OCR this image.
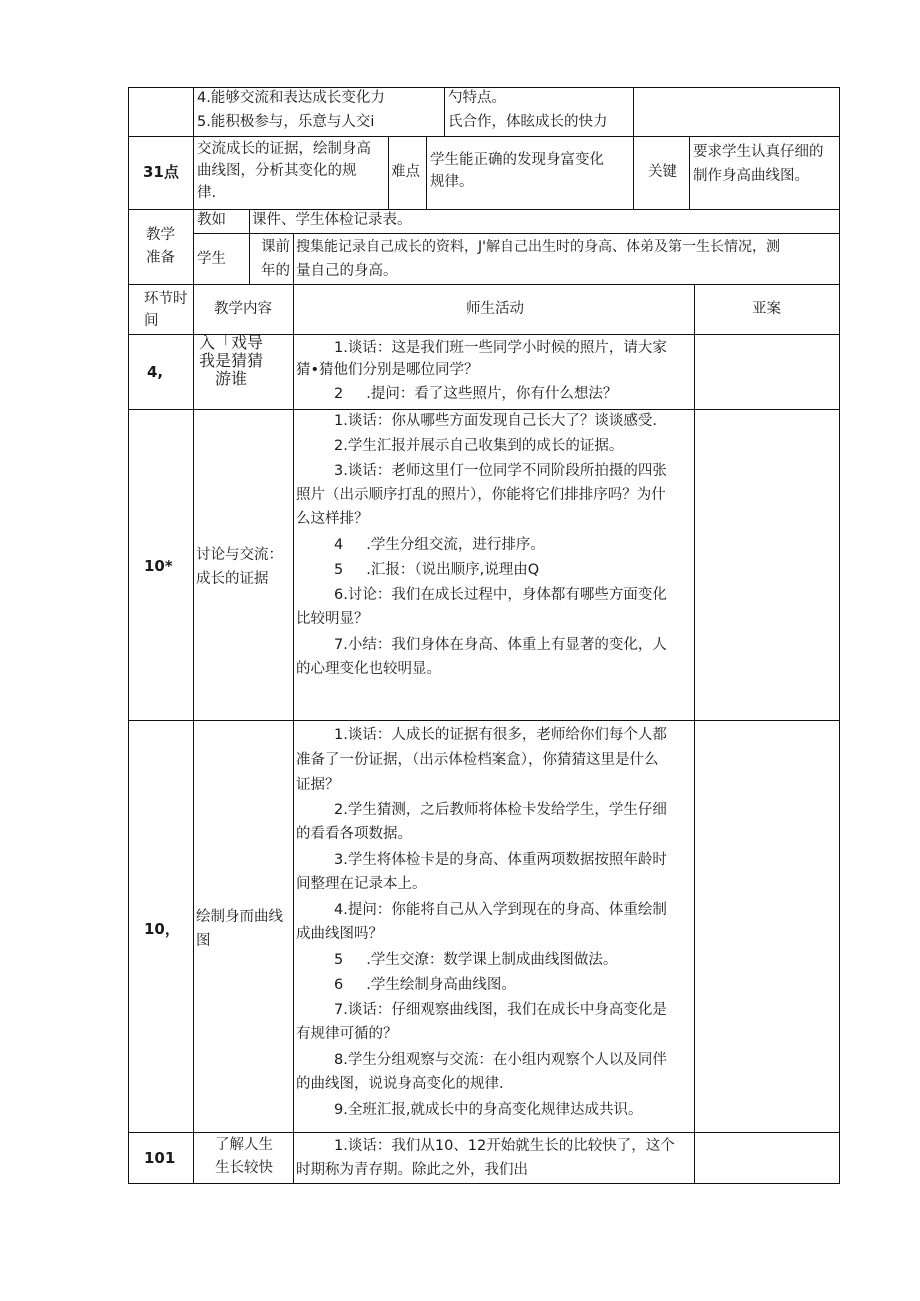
4.能够交流和表达成长变化力
5.能积极参与，乐意与人交i
勺特点。
氏合作，体眩成长的快力
31点
交流成长的证据，绘制身高
曲线图，分析其变化的规
律.
难点
学生能正确的发现身富变化
规律。
关键
要求学生认真仔细的
制作身高曲线图。
教学
准备
教如 课件、学生体检记录表。
学生
课前
年的
搜集能记录自己成长的资料，J'解自己出生时的身高、体弟及第一生长情况，测
量自己的身高。
环节时
间
教学内容	师生活动	亚案
4,
入「戏导
我是猜猜
游谁
1.谈话：这是我们班一些同学小时候的照片，请大家
猜•猜他们分别是哪位同学？
2     .提问：看了这些照片，你有什么想法？
10*
讨论与交流：
成长的证据
1.谈话：你从哪些方面发现自己长大了？谈谈感受.
2.学生汇报并展示自己收集到的成长的证据。
3.谈话：老师这里仃一位同学不同阶段所拍摄的四张
照片（出示顺序打乱的照片），你能将它们排排序吗？为什
么这样排？
4     .学生分组交流，进行排序。
5     .汇报：（说出顺序,说理由Q
6.讨论：我们在成长过程中，身体都有哪些方面变化
比较明显？
7.小结：我们身体在身高、体重上有显著的变化，人
的心理变化也较明显。
10，
绘制身而曲线
图
1.谈话：人成长的证据有很多，老师给你们每个人都
准备了一份证据，（出示体检档案盒），你猜猜这里是什么
证据？
2.学生猜测，之后教师将体检卡发给学生，学生仔细
的看看各项数据。
3.学生将体检卡是的身高、体重两项数据按照年龄时
间整理在记录本上。
4.提问：你能将自己从入学到现在的身高、体重绘制
成曲线图吗？
5     .学生交潦：数学课上制成曲线图做法。
6     .学生绘制身高曲线图。
7.谈话：仔细观察曲线图，我们在成长中身高变化是
有规律可循的？
8.学生分组观察与交流：在小组内观察个人以及同伴
的曲线图，说说身高变化的规律.
9.全班汇报,就成长中的身高变化规律达成共识。
101
了解人生
生长较快
1.谈话：我们从10、12开始就生长的比较快了，这个
时期称为青存期。除此之外，我们出
